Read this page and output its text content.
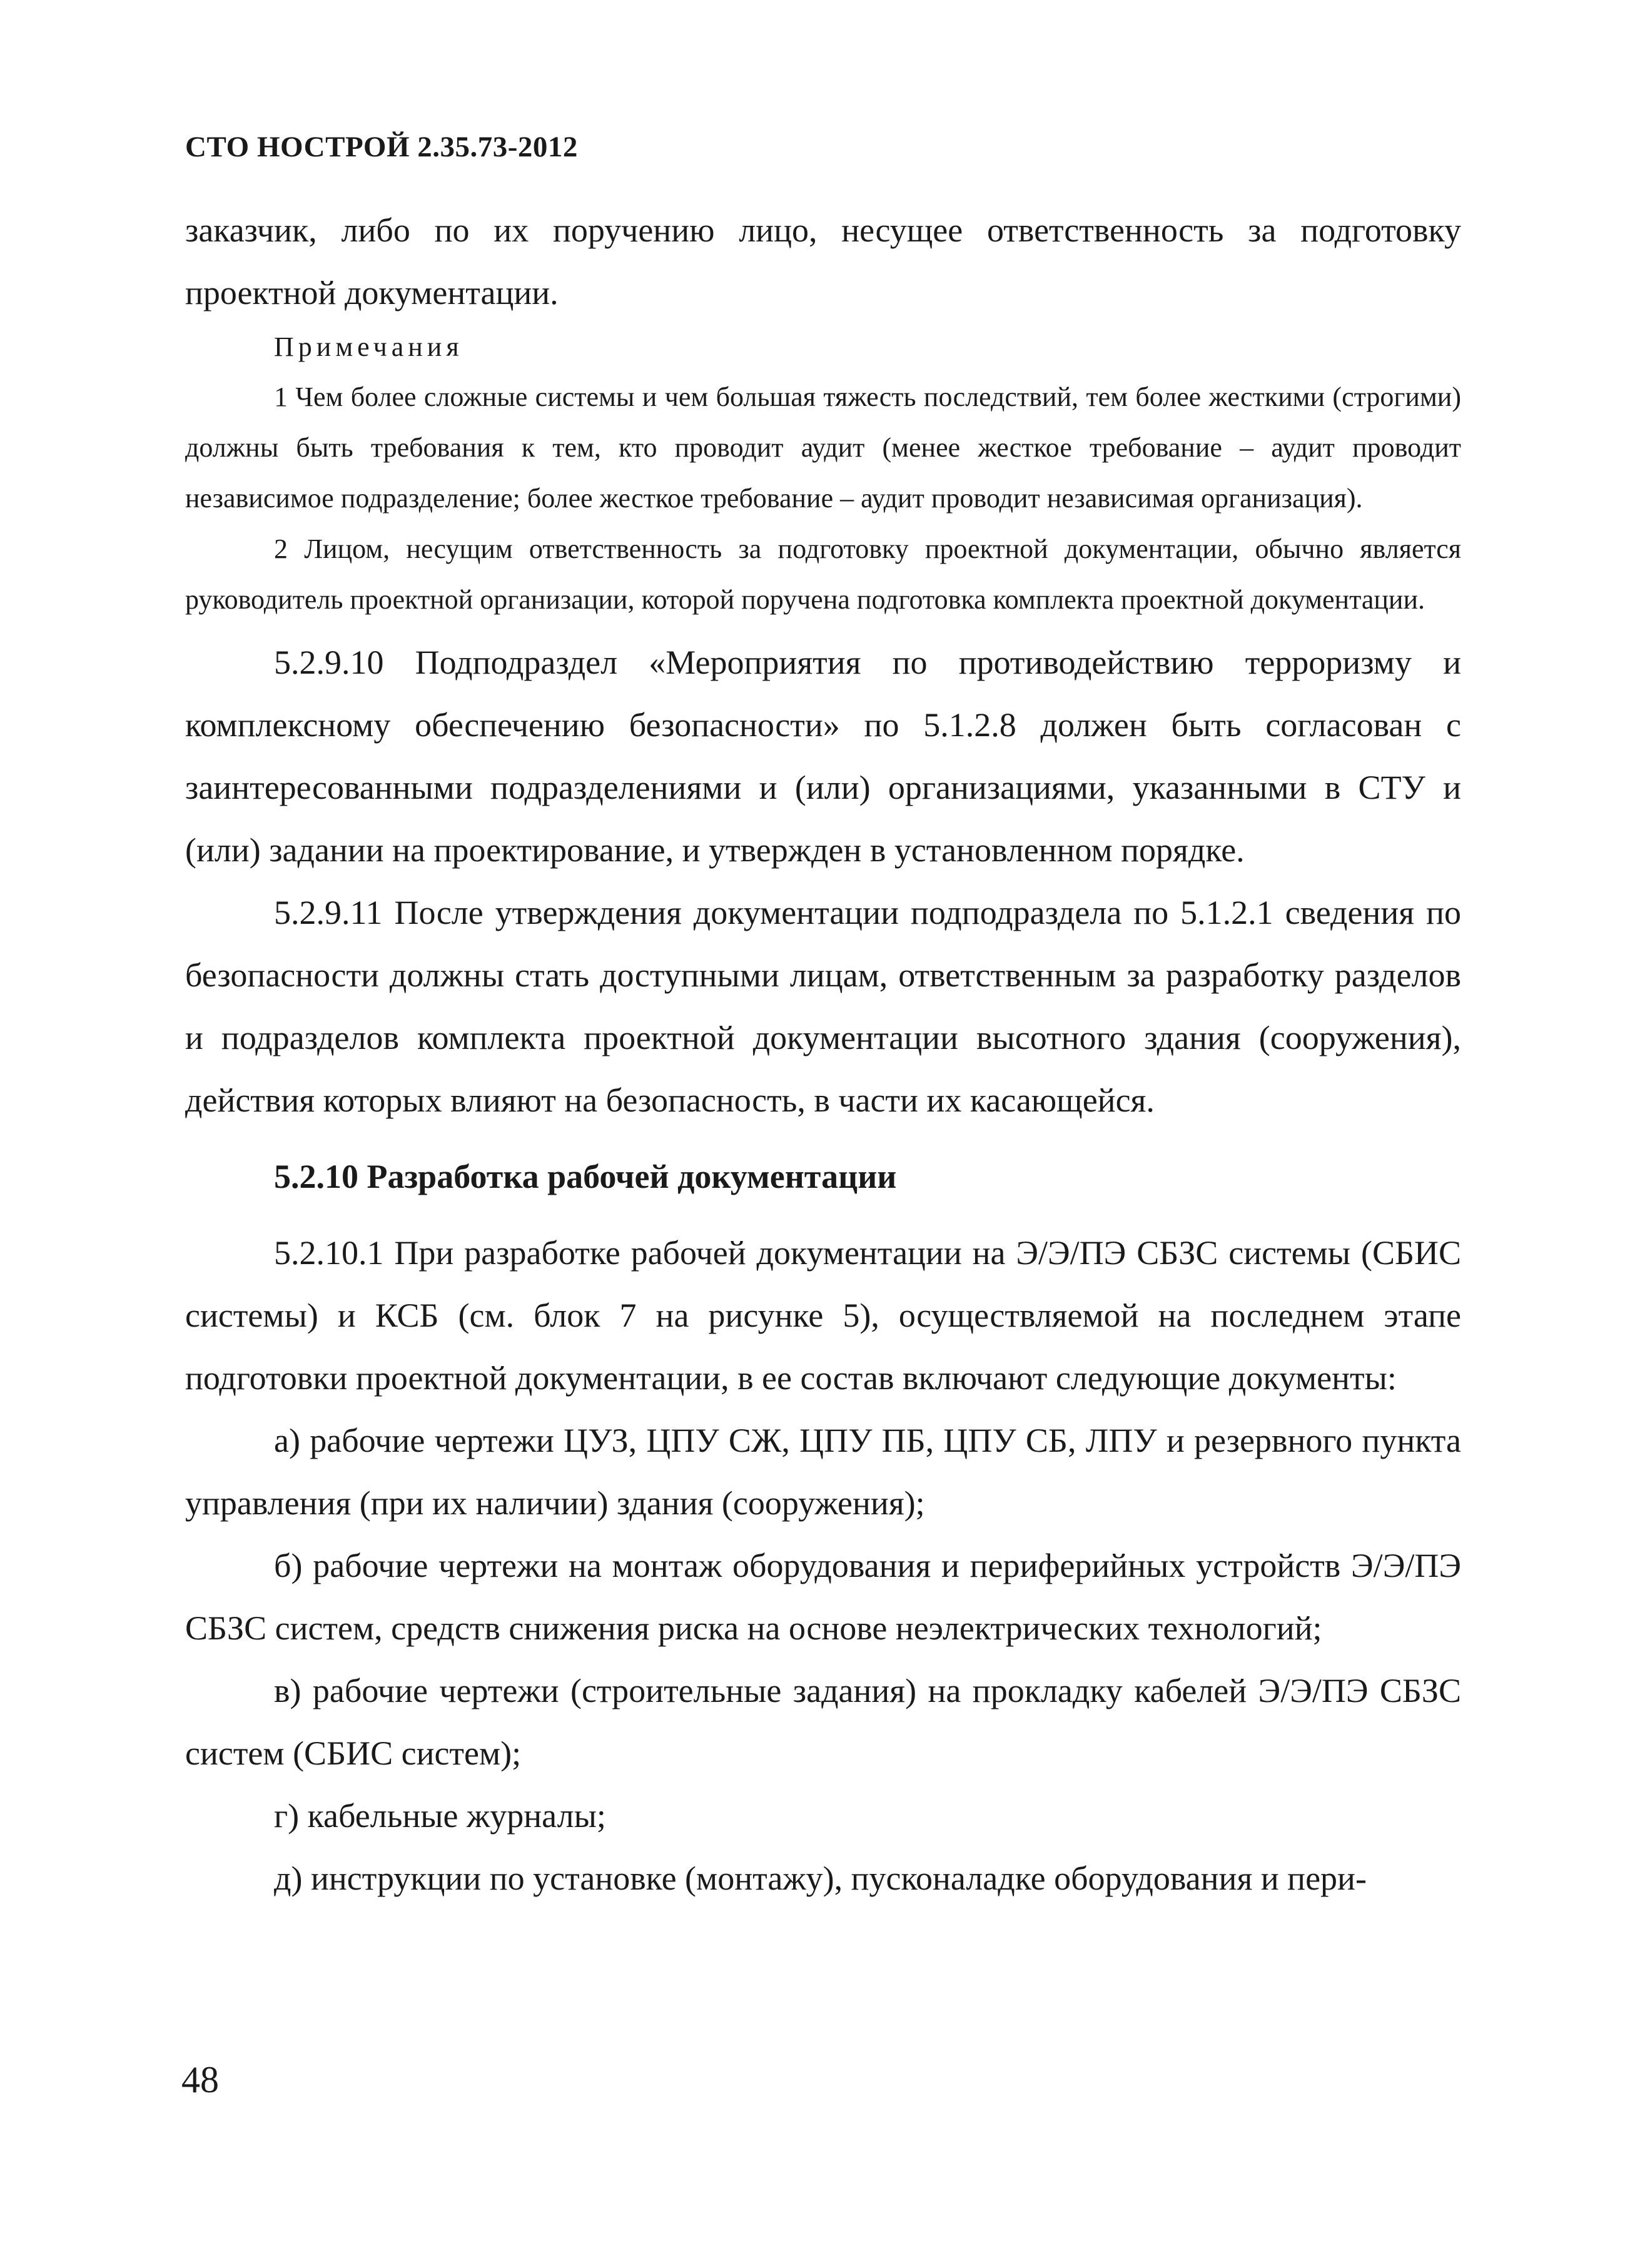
СТО НОСТРОЙ 2.35.73-2012

заказчик, либо по их поручению лицо, несущее ответственность за подготовку проектной документации.

Примечания

1 Чем более сложные системы и чем большая тяжесть последствий, тем более жесткими (строгими) должны быть требования к тем, кто проводит аудит (менее жесткое требование – аудит проводит независимое подразделение; более жесткое требование – аудит проводит независимая организация).

2 Лицом, несущим ответственность за подготовку проектной документации, обычно является руководитель проектной организации, которой поручена подготовка комплекта проектной документации.

5.2.9.10 Подподраздел «Мероприятия по противодействию терроризму и комплексному обеспечению безопасности» по 5.1.2.8 должен быть согласован с заинтересованными подразделениями и (или) организациями, указанными в СТУ и (или) задании на проектирование, и утвержден в установленном порядке.

5.2.9.11 После утверждения документации подподраздела по 5.1.2.1 сведения по безопасности должны стать доступными лицам, ответственным за разработку разделов и подразделов комплекта проектной документации высотного здания (сооружения), действия которых влияют на безопасность, в части их касающейся.

5.2.10 Разработка рабочей документации

5.2.10.1 При разработке рабочей документации на Э/Э/ПЭ СБЗС системы (СБИС системы) и КСБ (см. блок 7 на рисунке 5), осуществляемой на последнем этапе подготовки проектной документации, в ее состав включают следующие документы:

а) рабочие чертежи ЦУЗ, ЦПУ СЖ, ЦПУ ПБ, ЦПУ СБ, ЛПУ и резервного пункта управления (при их наличии) здания (сооружения);

б) рабочие чертежи на монтаж оборудования и периферийных устройств Э/Э/ПЭ СБЗС систем, средств снижения риска на основе неэлектрических технологий;

в) рабочие чертежи (строительные задания) на прокладку кабелей Э/Э/ПЭ СБЗС систем (СБИС систем);

г) кабельные журналы;

д) инструкции по установке (монтажу), пусконаладке оборудования и пери-

48
